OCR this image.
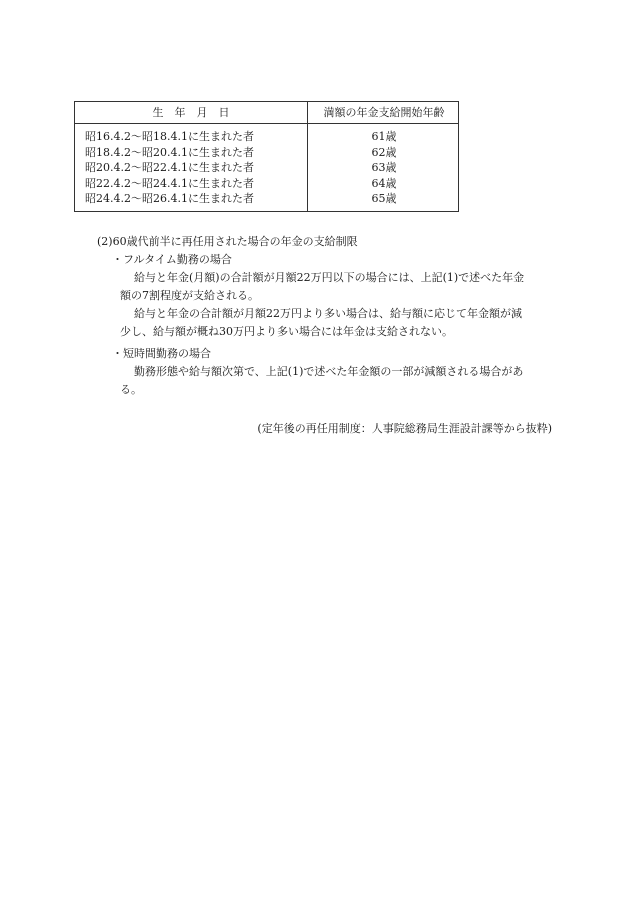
生　年　月　日	満額の年金支給開始年齢
昭16.4.2〜昭18.4.1に生まれた者	61歳
昭18.4.2〜昭20.4.1に生まれた者	62歳
昭20.4.2〜昭22.4.1に生まれた者	63歳
昭22.4.2〜昭24.4.1に生まれた者	64歳
昭24.4.2〜昭26.4.1に生まれた者	65歳
(2)60歳代前半に再任用された場合の年金の支給制限
・フルタイム勤務の場合
給与と年金(月額)の合計額が月額22万円以下の場合には、上記(1)で述べた年金
額の7割程度が支給される。
給与と年金の合計額が月額22万円より多い場合は、給与額に応じて年金額が減
少し、給与額が概ね30万円より多い場合には年金は支給されない。
・短時間勤務の場合
勤務形態や給与額次第で、上記(1)で述べた年金額の一部が減額される場合があ
る。
(定年後の再任用制度：人事院総務局生涯設計課等から抜粋)
